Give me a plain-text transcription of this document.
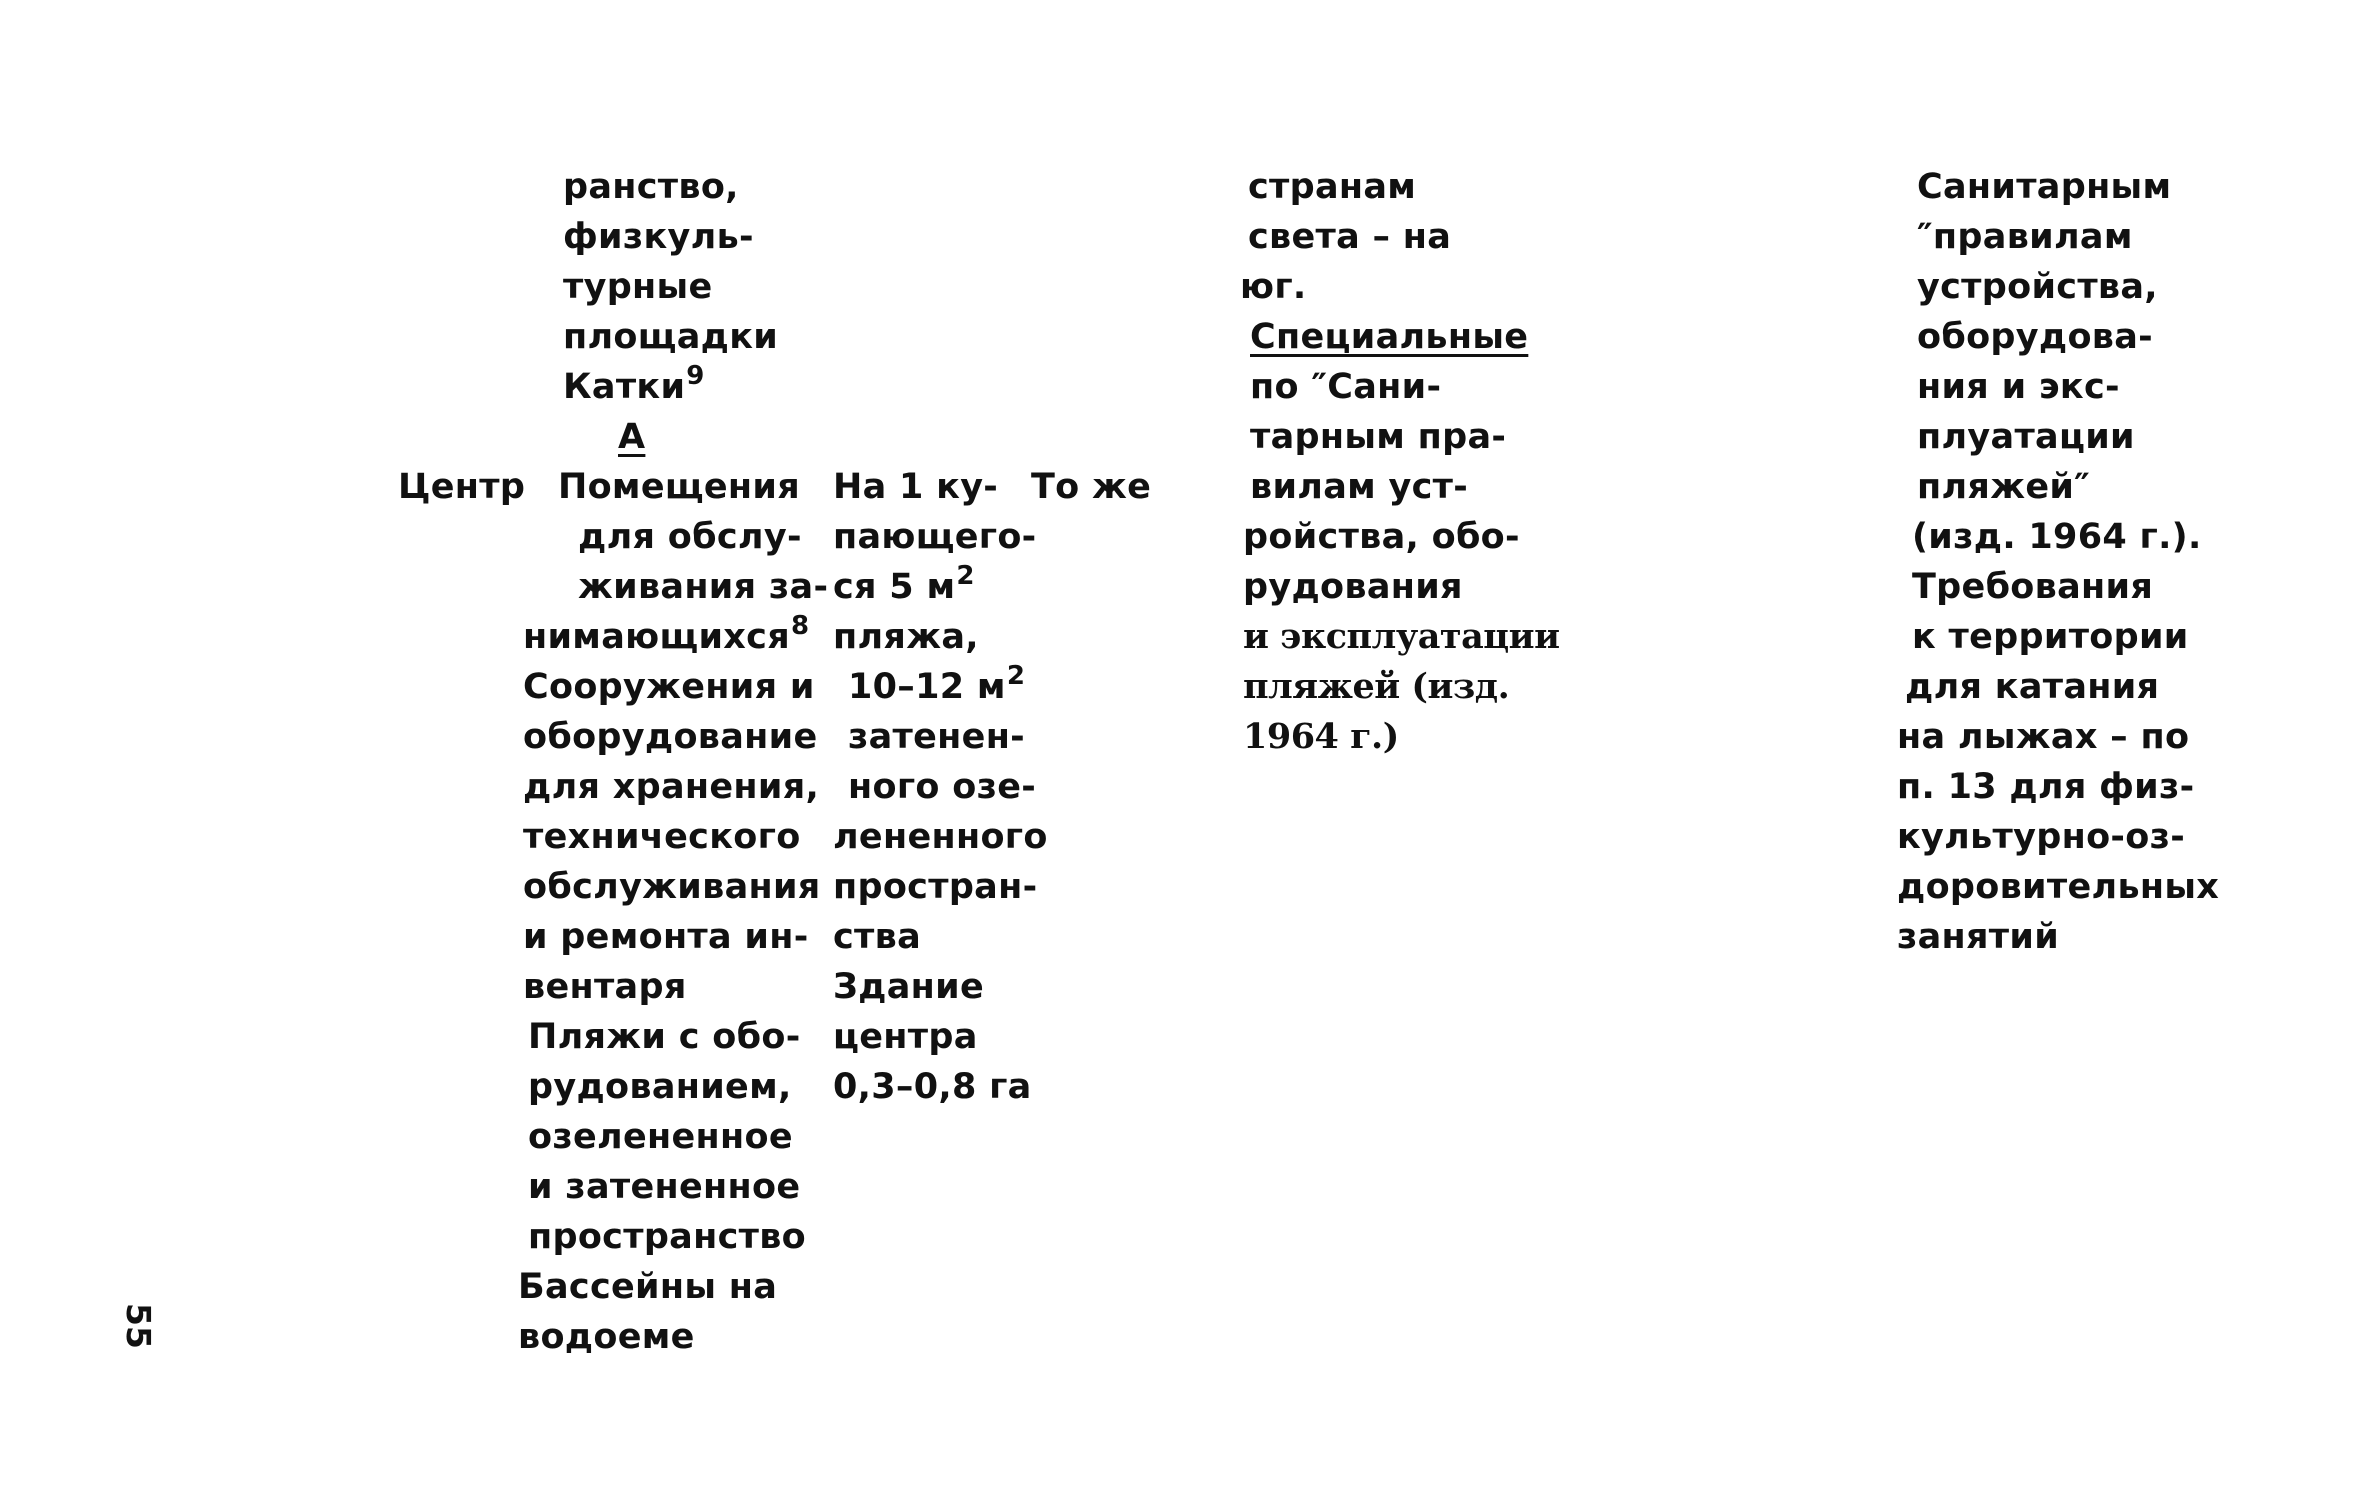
Центр
ранство,
физкуль-
турные
площадки
Катки$^9$
А
Помещения
для обслу-
живания за-
нимающихся$^8$
Сооружения и
оборудование
для хранения,
технического
обслуживания
и ремонта ин-
вентаря
Пляжи с обо-
рудованием,
озелененное
и затененное
пространство
Бассейны на
водоеме
На 1 ку-
пающего-
ся 5 $м^2$
пляжа,
10–12 $м^2$
затенен-
ного озе-
лененного
простран-
ства
Здание
центра
0,3–0,8 га
То же
странам
света – на
юг.
Специальные
по ″Сани-
тарным пра-
вилам уст-
ройства, обо-
рудования
и эксплуатации
пляжей (изд.
1964 г.)
Санитарным
″правилам
устройства,
оборудова-
ния и экс-
плуатации
пляжей″
(изд. 1964 г.).
Требования
к территории
для катания
на лыжах – по
п. 13 для физ-
культурно-оз-
доровительных
занятий
55
